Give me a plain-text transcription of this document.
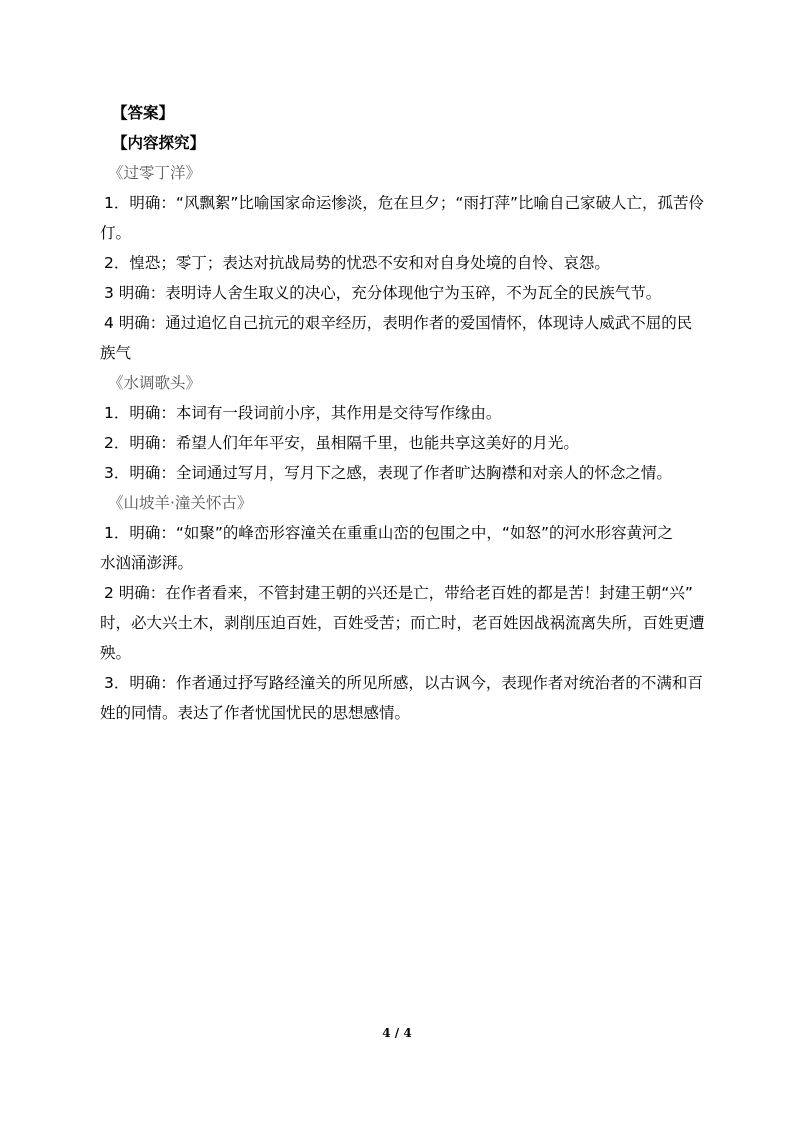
【答案】
【内容探究】
《过零丁洋》
1．明确：“风飘絮”比喻国家命运惨淡，危在旦夕；“雨打萍”比喻自己家破人亡，孤苦伶
仃。
2．惶恐；零丁；表达对抗战局势的忧恐不安和对自身处境的自怜、哀怨。
3 明确：表明诗人舍生取义的决心，充分体现他宁为玉碎，不为瓦全的民族气节。
4 明确：通过追忆自己抗元的艰辛经历，表明作者的爱国情怀，体现诗人威武不屈的民
族气
《水调歌头》
1．明确：本词有一段词前小序，其作用是交待写作缘由。
2．明确：希望人们年年平安，虽相隔千里，也能共享这美好的月光。
3．明确：全词通过写月，写月下之感，表现了作者旷达胸襟和对亲人的怀念之情。
《山坡羊·潼关怀古》
1．明确：“如聚”的峰峦形容潼关在重重山峦的包围之中，“如怒”的河水形容黄河之
水汹涌澎湃。
2 明确：在作者看来，不管封建王朝的兴还是亡，带给老百姓的都是苦！封建王朝“兴”
时，必大兴土木，剥削压迫百姓，百姓受苦；而亡时，老百姓因战祸流离失所，百姓更遭
殃。
3．明确：作者通过抒写路经潼关的所见所感，以古讽今，表现作者对统治者的不满和百
姓的同情。表达了作者忧国忧民的思想感情。
4 / 4
